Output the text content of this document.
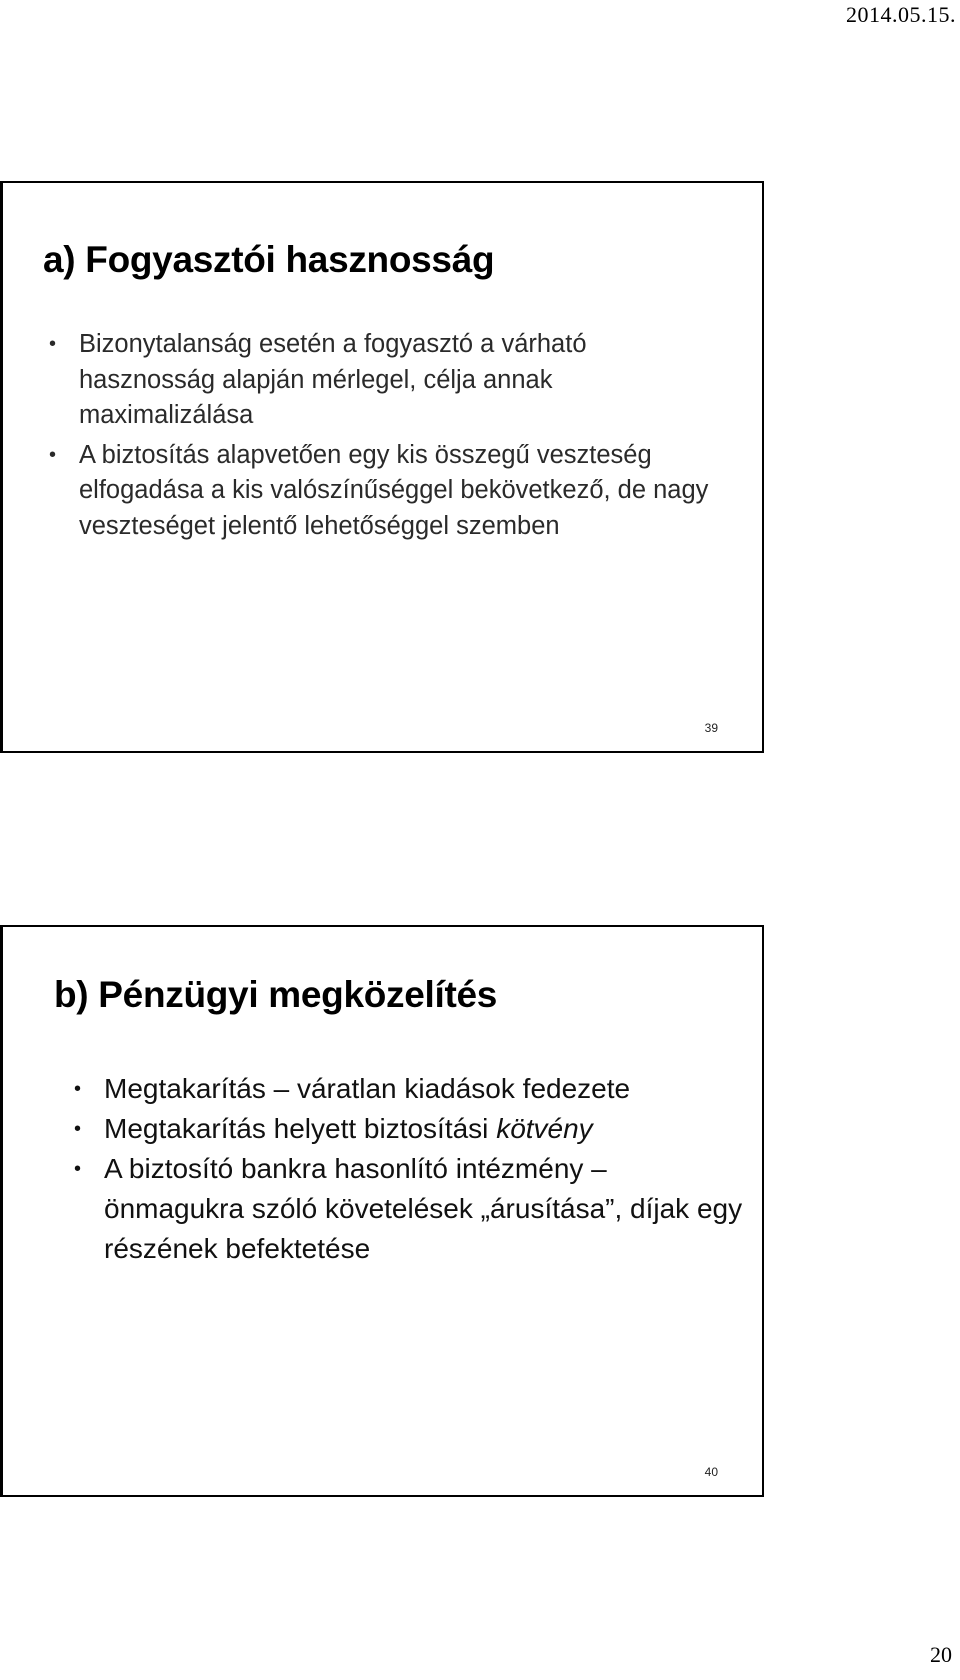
2014.05.15.
a) Fogyasztói hasznosság
• Bizonytalanság esetén a fogyasztó a várható hasznosság alapján mérlegel, célja annak maximalizálása
• A biztosítás alapvetően egy kis összegű veszteség elfogadása a kis valószínűséggel bekövetkező, de nagy veszteséget jelentő lehetőséggel szemben
39
b) Pénzügyi megközelítés
• Megtakarítás – váratlan kiadások fedezete
• Megtakarítás helyett biztosítási kötvény
• A biztosító bankra hasonlító intézmény – önmagukra szóló követelések „árusítása”, díjak egy részének befektetése
40
20
